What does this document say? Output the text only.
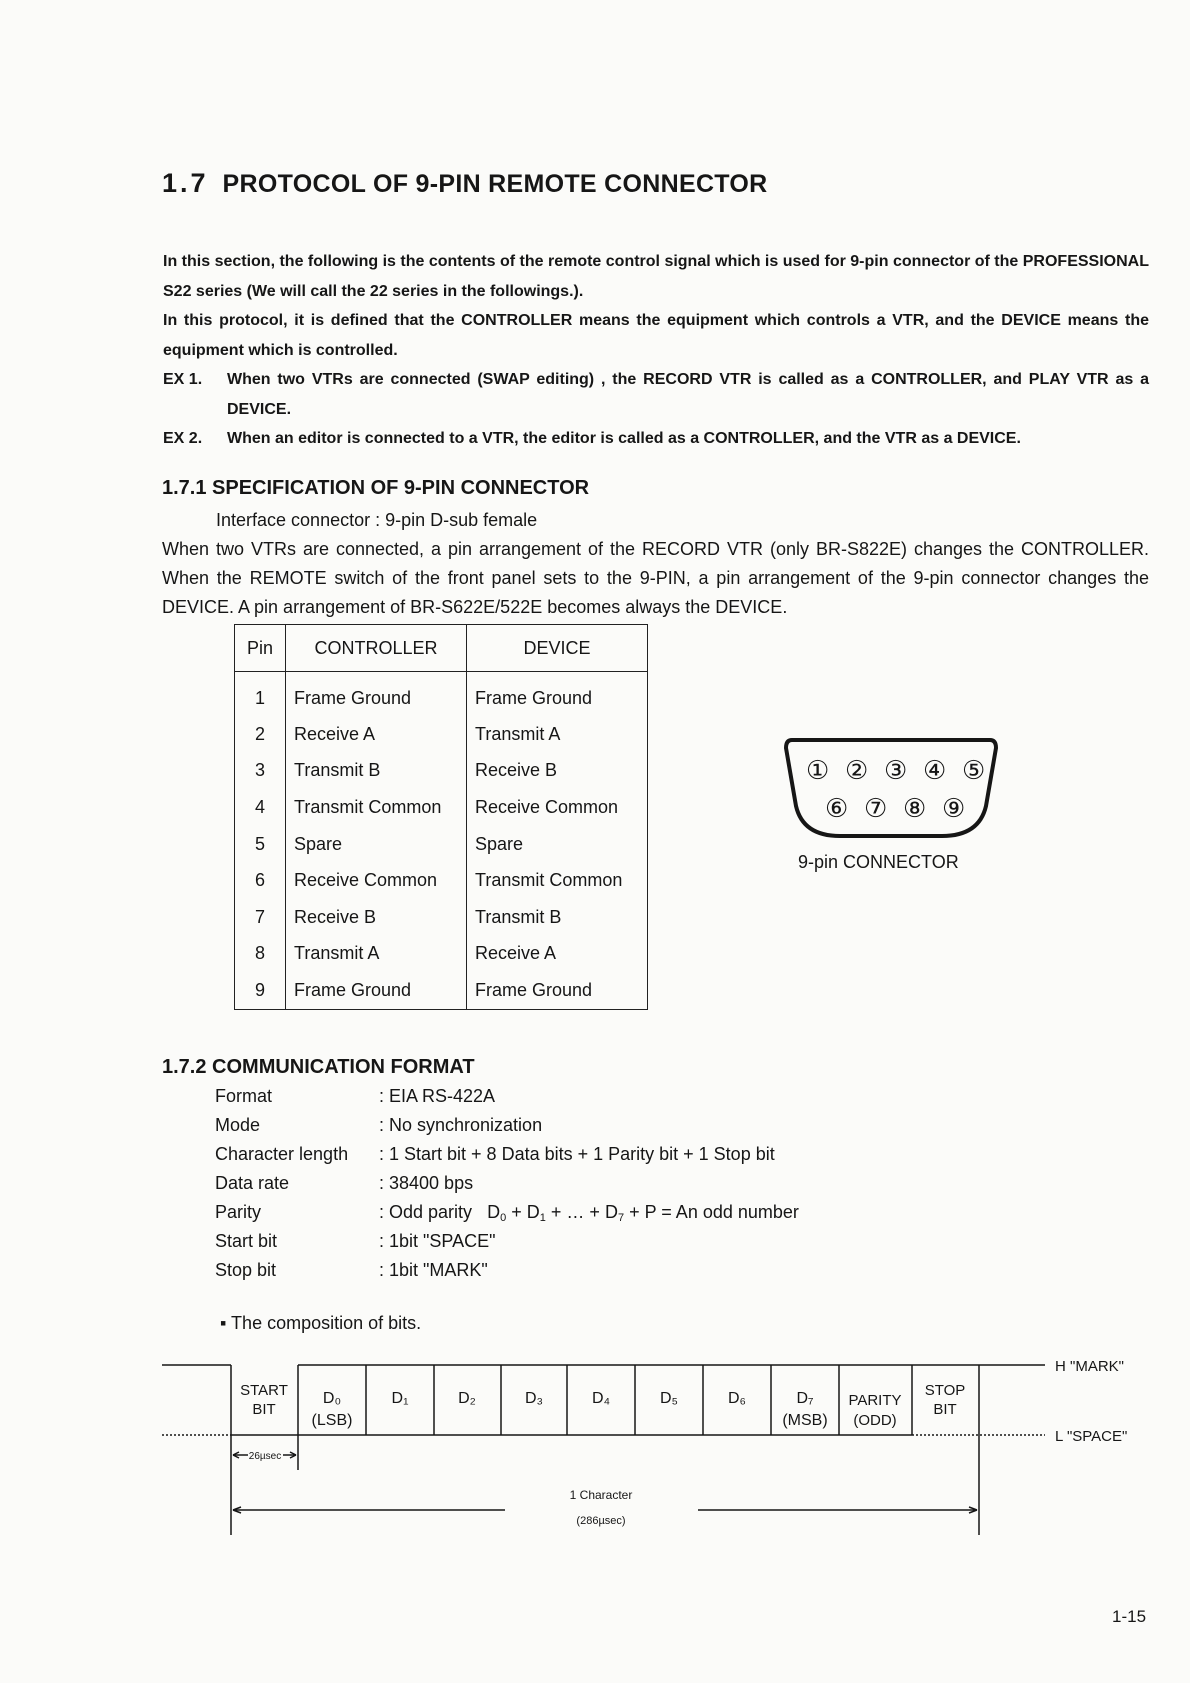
1.7 PROTOCOL OF 9-PIN REMOTE CONNECTOR

In this section, the following is the contents of the remote control signal which is used for 9-pin connector of the PROFESSIONAL S22 series (We will call the 22 series in the followings.).

In this protocol, it is defined that the CONTROLLER means the equipment which controls a VTR, and the DEVICE means the equipment which is controlled.

EX 1.	When two VTRs are connected (SWAP editing) , the RECORD VTR is called as a CONTROLLER, and PLAY VTR as a DEVICE.
EX 2.	When an editor is connected to a VTR, the editor is called as a CONTROLLER, and the VTR as a DEVICE.
1.7.1 SPECIFICATION OF 9-PIN CONNECTOR
Interface connector : 9-pin D-sub female

When two VTRs are connected, a pin arrangement of the RECORD VTR (only BR-S822E) changes the CONTROLLER. When the REMOTE switch of the front panel sets to the 9-PIN, a pin arrangement of the 9-pin connector changes the DEVICE. A pin arrangement of BR-S622E/522E becomes always the DEVICE.

Pin	CONTROLLER	DEVICE
1	Frame Ground	Frame Ground
2	Receive A	Transmit A
3	Transmit B	Receive B
4	Transmit Common	Receive Common
5	Spare	Spare
6	Receive Common	Transmit Common
7	Receive B	Transmit B
8	Transmit A	Receive A
9	Frame Ground	Frame Ground
① ② ③ ④ ⑤
⑥ ⑦ ⑧ ⑨
9-pin CONNECTOR
1.7.2 COMMUNICATION FORMAT
Format	: EIA RS-422A
Mode	: No synchronization
Character length	: 1 Start bit + 8 Data bits + 1 Parity bit + 1 Stop bit
Data rate	: 38400 bps
Parity	: Odd parity $D_0 + D_1$ + … + $D_7 + P = An$ odd number
Start bit	: 1bit "SPACE"
Stop bit	: 1bit "MARK"
▪ The composition of bits.
START
BIT
D₀
(LSB)
D₁	D₂	D₃	D₄	D₅	D₆	D₇
(MSB)
PARITY
(ODD)
STOP
BIT
H "MARK"
L "SPACE"
26µsec
1 Character
(286µsec)
1-15
